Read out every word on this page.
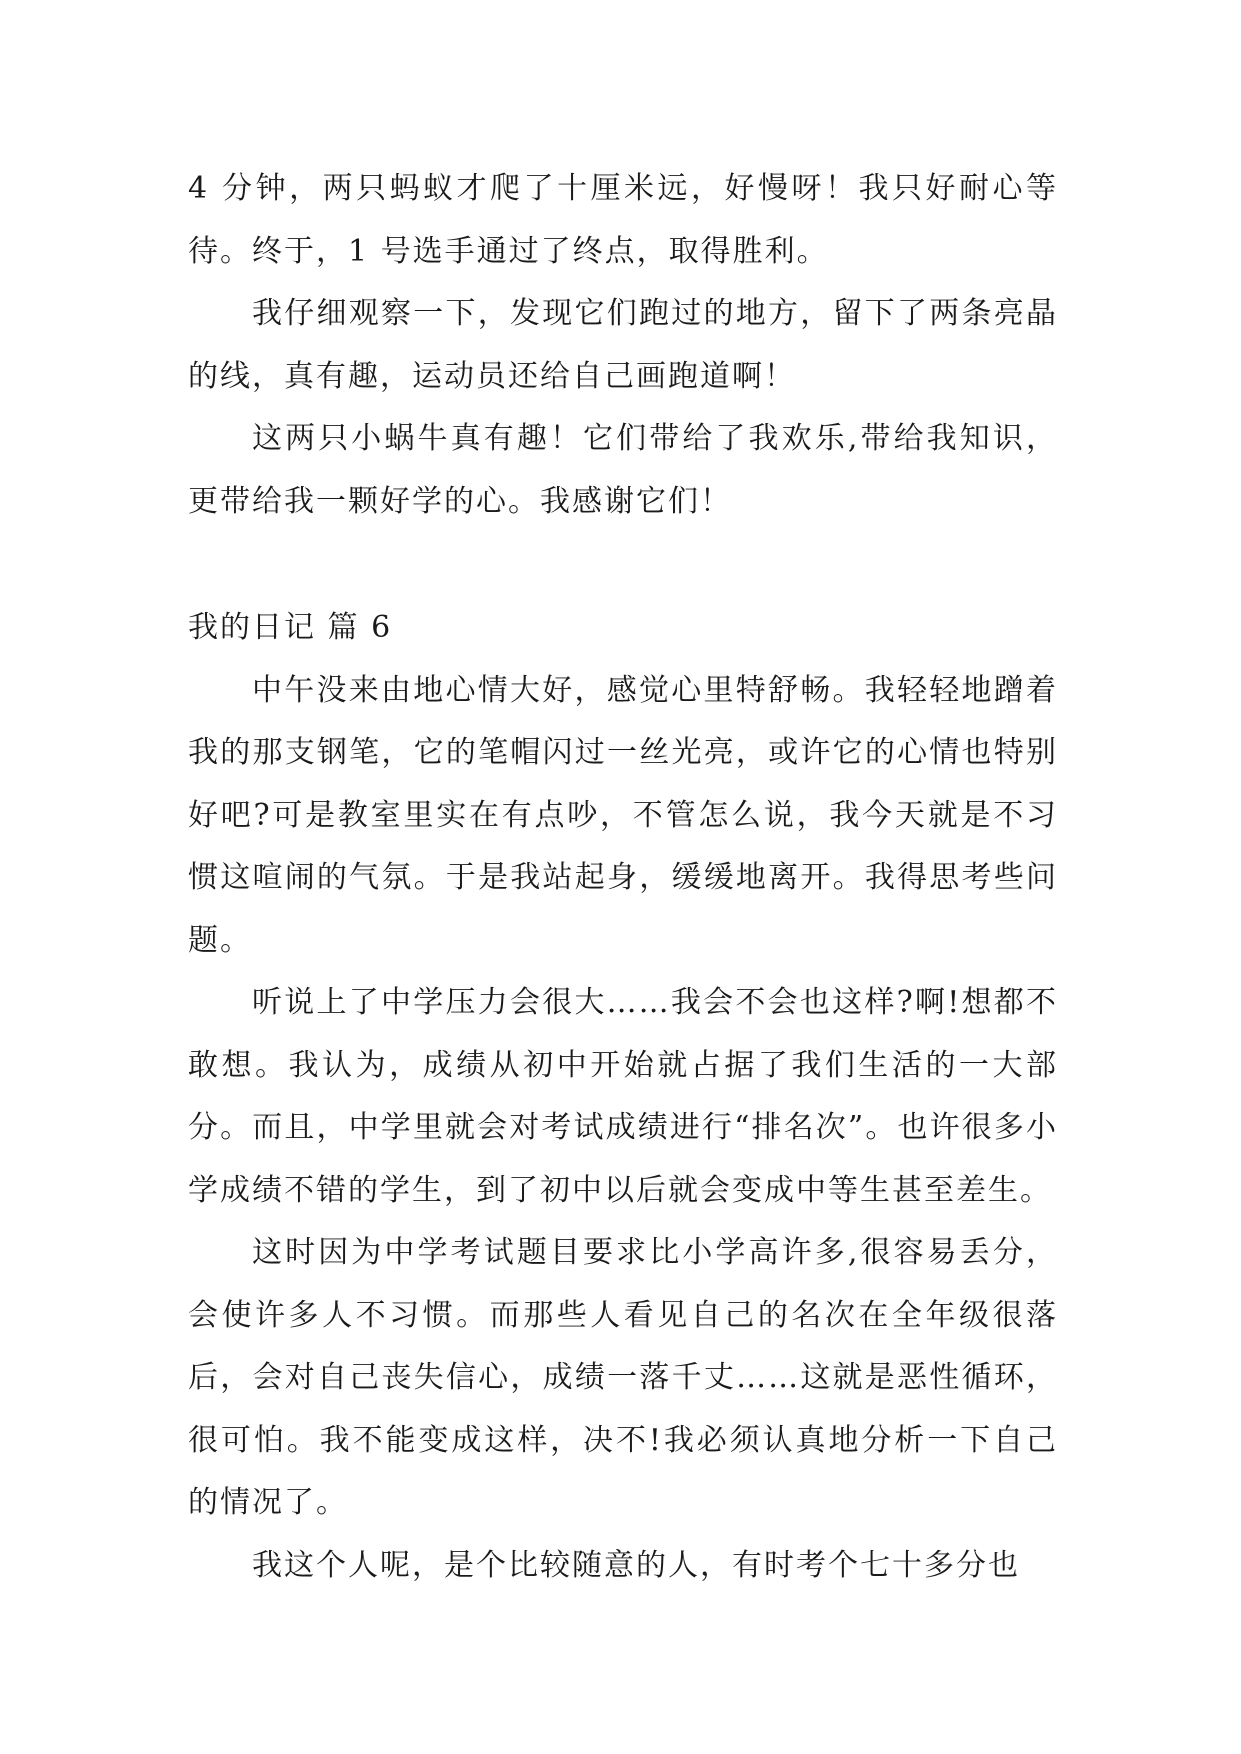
4 分钟，两只蚂蚁才爬了十厘米远，好慢呀！我只好耐心等待。终于，1 号选手通过了终点，取得胜利。

我仔细观察一下，发现它们跑过的地方，留下了两条亮晶的线，真有趣，运动员还给自己画跑道啊！

这两只小蜗牛真有趣！它们带给了我欢乐,带给我知识，更带给我一颗好学的心。我感谢它们！

我的日记 篇 6

中午没来由地心情大好，感觉心里特舒畅。我轻轻地蹭着我的那支钢笔，它的笔帽闪过一丝光亮，或许它的心情也特别好吧?可是教室里实在有点吵，不管怎么说，我今天就是不习惯这喧闹的气氛。于是我站起身，缓缓地离开。我得思考些问题。

听说上了中学压力会很大……我会不会也这样?啊!想都不敢想。我认为，成绩从初中开始就占据了我们生活的一大部分。而且，中学里就会对考试成绩进行“排名次”。也许很多小学成绩不错的学生，到了初中以后就会变成中等生甚至差生。

这时因为中学考试题目要求比小学高许多,很容易丢分，会使许多人不习惯。而那些人看见自己的名次在全年级很落后，会对自己丧失信心，成绩一落千丈……这就是恶性循环，很可怕。我不能变成这样，决不!我必须认真地分析一下自己的情况了。

我这个人呢，是个比较随意的人，有时考个七十多分也
